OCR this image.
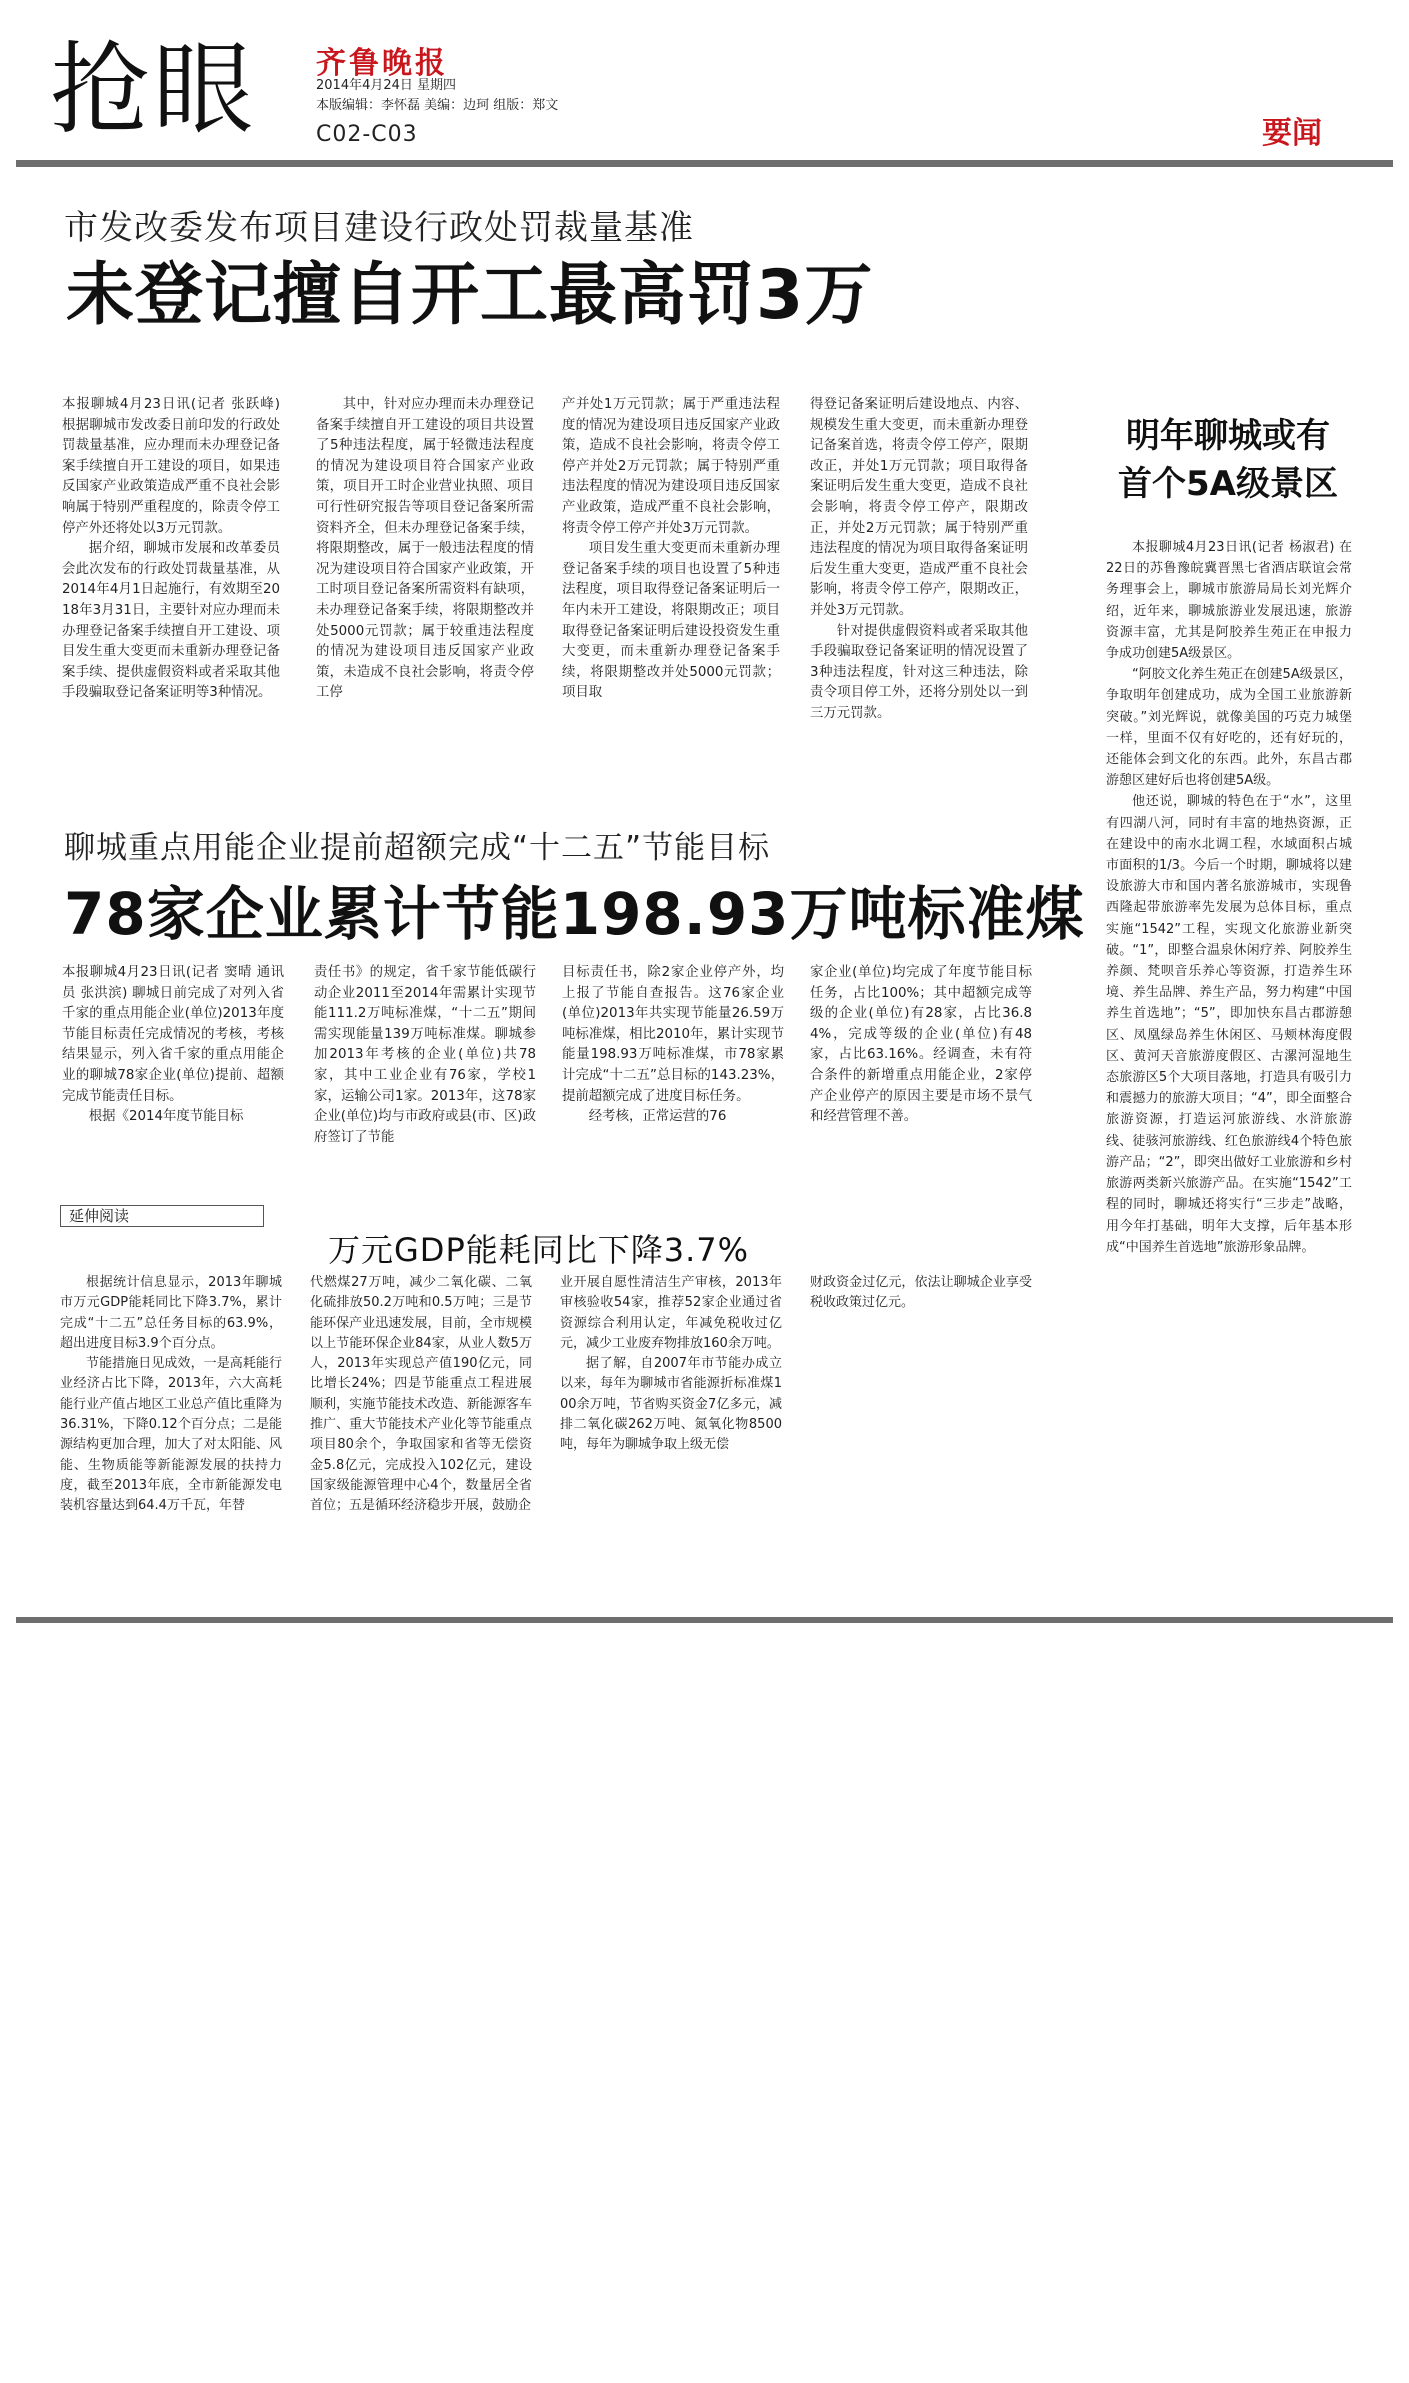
抢眼 齐鲁晚报
2014年4月24日 星期四
本版编辑：李怀磊 美编：边珂 组版：郑文
C02-C03	要闻
市发改委发布项目建设行政处罚裁量基准
未登记擅自开工最高罚3万

本报聊城4月23日讯(记者 张跃峰) 根据聊城市发改委日前印发的行政处罚裁量基准，应办理而未办理登记备案手续擅自开工建设的项目，如果违反国家产业政策造成严重不良社会影响属于特别严重程度的，除责令停工停产外还将处以3万元罚款。

据介绍，聊城市发展和改革委员会此次发布的行政处罚裁量基准，从2014年4月1日起施行，有效期至2018年3月31日，主要针对应办理而未办理登记备案手续擅自开工建设、项目发生重大变更而未重新办理登记备案手续、提供虚假资料或者采取其他手段骗取登记备案证明等3种情况。

其中，针对应办理而未办理登记备案手续擅自开工建设的项目共设置了5种违法程度，属于轻微违法程度的情况为建设项目符合国家产业政策，项目开工时企业营业执照、项目可行性研究报告等项目登记备案所需资料齐全，但未办理登记备案手续，将限期整改，属于一般违法程度的情况为建设项目符合国家产业政策，开工时项目登记备案所需资料有缺项，未办理登记备案手续，将限期整改并处5000元罚款；属于较重违法程度的情况为建设项目违反国家产业政策，未造成不良社会影响，将责令停工停

产并处1万元罚款；属于严重违法程度的情况为建设项目违反国家产业政策，造成不良社会影响，将责令停工停产并处2万元罚款；属于特别严重违法程度的情况为建设项目违反国家产业政策，造成严重不良社会影响，将责令停工停产并处3万元罚款。

项目发生重大变更而未重新办理登记备案手续的项目也设置了5种违法程度，项目取得登记备案证明后一年内未开工建设，将限期改正；项目取得登记备案证明后建设投资发生重大变更，而未重新办理登记备案手续，将限期整改并处5000元罚款；项目取

得登记备案证明后建设地点、内容、规模发生重大变更，而未重新办理登记备案首选，将责令停工停产，限期改正，并处1万元罚款；项目取得备案证明后发生重大变更，造成不良社会影响，将责令停工停产，限期改正，并处2万元罚款；属于特别严重违法程度的情况为项目取得备案证明后发生重大变更，造成严重不良社会影响，将责令停工停产，限期改正，并处3万元罚款。

针对提供虚假资料或者采取其他手段骗取登记备案证明的情况设置了3种违法程度，针对这三种违法，除责令项目停工外，还将分别处以一到三万元罚款。

明年聊城或有
首个5A级景区

本报聊城4月23日讯(记者 杨淑君) 在22日的苏鲁豫皖冀晋黑七省酒店联谊会常务理事会上，聊城市旅游局局长刘光辉介绍，近年来，聊城旅游业发展迅速，旅游资源丰富，尤其是阿胶养生苑正在申报力争成功创建5A级景区。

“阿胶文化养生苑正在创建5A级景区，争取明年创建成功，成为全国工业旅游新突破。”刘光辉说，就像美国的巧克力城堡一样，里面不仅有好吃的，还有好玩的，还能体会到文化的东西。此外，东昌古郡游憩区建好后也将创建5A级。

他还说，聊城的特色在于“水”，这里有四湖八河，同时有丰富的地热资源，正在建设中的南水北调工程，水域面积占城市面积的1/3。今后一个时期，聊城将以建设旅游大市和国内著名旅游城市，实现鲁西隆起带旅游率先发展为总体目标，重点实施“1542”工程，实现文化旅游业新突破。“1”，即整合温泉休闲疗养、阿胶养生养颜、梵呗音乐养心等资源，打造养生环境、养生品牌、养生产品，努力构建“中国养生首选地”；“5”，即加快东昌古郡游憩区、凤凰绿岛养生休闲区、马颊林海度假区、黄河天音旅游度假区、古漯河湿地生态旅游区5个大项目落地，打造具有吸引力和震撼力的旅游大项目；“4”，即全面整合旅游资源，打造运河旅游线、水浒旅游线、徒骇河旅游线、红色旅游线4个特色旅游产品；“2”，即突出做好工业旅游和乡村旅游两类新兴旅游产品。在实施“1542”工程的同时，聊城还将实行“三步走”战略，用今年打基础，明年大支撑，后年基本形成“中国养生首选地”旅游形象品牌。

聊城重点用能企业提前超额完成“十二五”节能目标
78家企业累计节能198.93万吨标准煤

本报聊城4月23日讯(记者 窦晴 通讯员 张洪滨) 聊城日前完成了对列入省千家的重点用能企业(单位)2013年度节能目标责任完成情况的考核，考核结果显示，列入省千家的重点用能企业的聊城78家企业(单位)提前、超额完成节能责任目标。

根据《2014年度节能目标

责任书》的规定，省千家节能低碳行动企业2011至2014年需累计实现节能111.2万吨标准煤，“十二五”期间需实现能量139万吨标准煤。聊城参加2013年考核的企业(单位)共78家，其中工业企业有76家，学校1家，运输公司1家。2013年，这78家企业(单位)均与市政府或县(市、区)政府签订了节能

目标责任书，除2家企业停产外，均上报了节能自查报告。这76家企业(单位)2013年共实现节能量26.59万吨标准煤，相比2010年，累计实现节能量198.93万吨标准煤，市78家累计完成“十二五”总目标的143.23%，提前超额完成了进度目标任务。

经考核，正常运营的76

家企业(单位)均完成了年度节能目标任务，占比100%；其中超额完成等级的企业(单位)有28家，占比36.84%，完成等级的企业(单位)有48家，占比63.16%。经调查，未有符合条件的新增重点用能企业，2家停产企业停产的原因主要是市场不景气和经营管理不善。

延伸阅读
万元GDP能耗同比下降3.7%

根据统计信息显示，2013年聊城市万元GDP能耗同比下降3.7%，累计完成“十二五”总任务目标的63.9%，超出进度目标3.9个百分点。

节能措施日见成效，一是高耗能行业经济占比下降，2013年，六大高耗能行业产值占地区工业总产值比重降为36.31%，下降0.12个百分点；二是能源结构更加合理，加大了对太阳能、风能、生物质能等新能源发展的扶持力度，截至2013年底，全市新能源发电装机容量达到64.4万千瓦，年替

代燃煤27万吨，减少二氧化碳、二氧化硫排放50.2万吨和0.5万吨；三是节能环保产业迅速发展，目前，全市规模以上节能环保企业84家，从业人数5万人，2013年实现总产值190亿元，同比增长24%；四是节能重点工程进展顺利，实施节能技术改造、新能源客车推广、重大节能技术产业化等节能重点项目80余个，争取国家和省等无偿资金5.8亿元，完成投入102亿元，建设国家级能源管理中心4个，数量居全省首位；五是循环经济稳步开展，鼓励企

业开展自愿性清洁生产审核，2013年审核验收54家，推荐52家企业通过省资源综合利用认定，年减免税收过亿元，减少工业废弃物排放160余万吨。

据了解，自2007年市节能办成立以来，每年为聊城市省能源折标准煤100余万吨，节省购买资金7亿多元，减排二氧化碳262万吨、氮氧化物8500吨，每年为聊城争取上级无偿

财政资金过亿元，依法让聊城企业享受税收政策过亿元。
